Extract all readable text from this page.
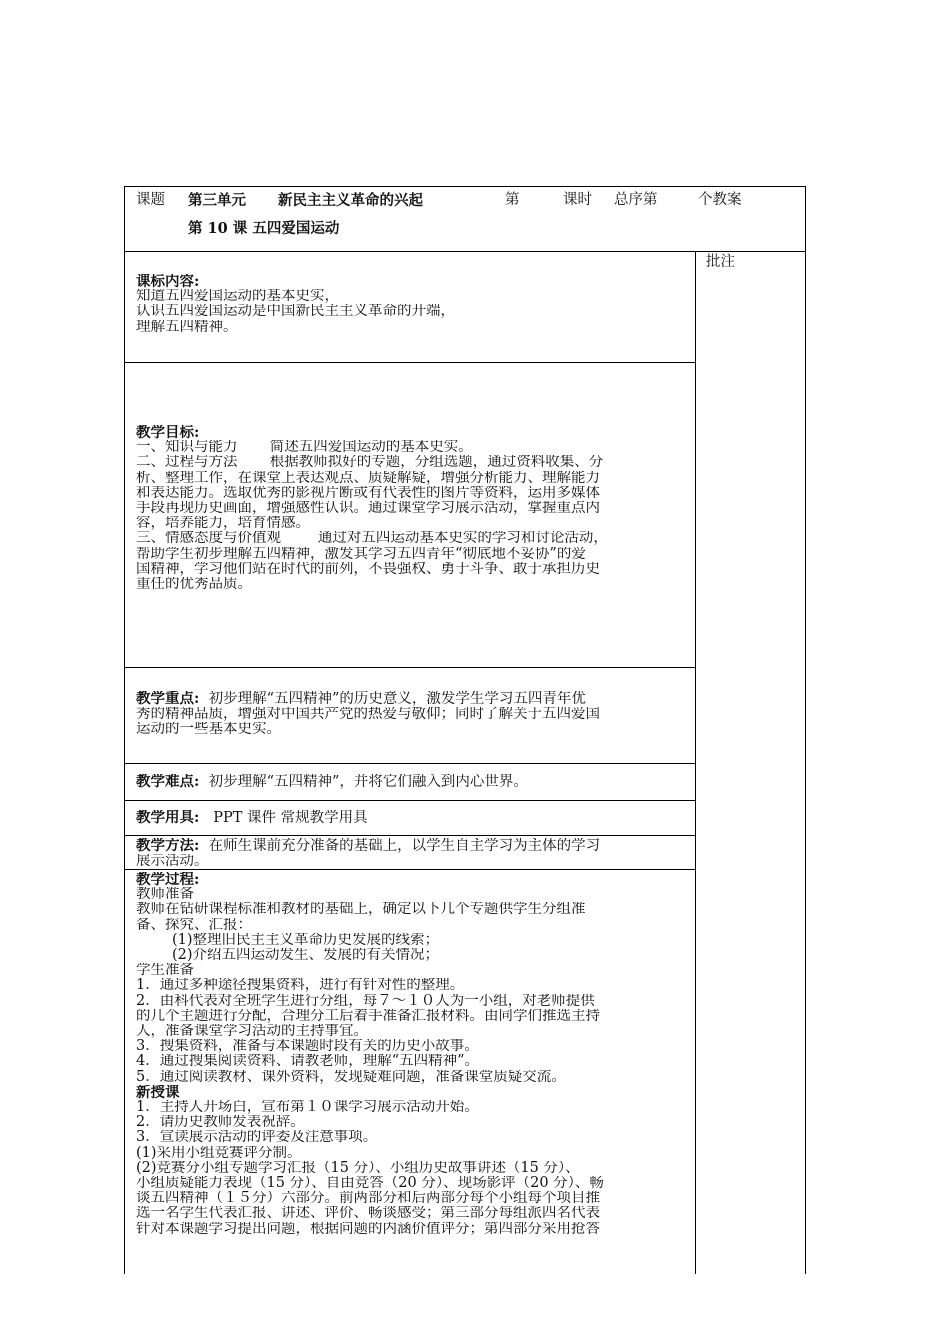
课题 第三单元 新民主主义革命的兴起	第	课时 总序第	个教案
第 10 课 五四爱国运动
批注
课标内容:
知道五四爱国运动的基本史实，
认识五四爱国运动是中国新民主主义革命的开端，
理解五四精神。
教学目标:
一、知识与能力       简述五四爱国运动的基本史实。
二、过程与方法       根据教师拟好的专题，分组选题，通过资料收集、分
析、整理工作，在课堂上表达观点、质疑解疑，增强分析能力、理解能力
和表达能力。选取优秀的影视片断或有代表性的图片等资料，运用多媒体
手段再现历史画面，增强感性认识。通过课堂学习展示活动，掌握重点内
容，培养能力，培育情感。
三、情感态度与价值观        通过对五四运动基本史实的学习和讨论活动，
帮助学生初步理解五四精神，激发其学习五四青年“彻底地不妥协”的爱
国精神，学习他们站在时代的前列，不畏强权、勇于斗争、敢于承担历史
重任的优秀品质。
教学重点: 初步理解“五四精神”的历史意义，激发学生学习五四青年优
秀的精神品质，增强对中国共产党的热爱与敬仰；同时了解关于五四爱国
运动的一些基本史实。
教学难点: 初步理解“五四精神”，并将它们融入到内心世界。
教学用具: PPT 课件 常规教学用具
教学方法: 在师生课前充分准备的基础上，以学生自主学习为主体的学习
展示活动。
教学过程:
教师准备
教师在钻研课程标准和教材的基础上，确定以下几个专题供学生分组准
备、探究、汇报：
(1)整理旧民主主义革命历史发展的线索；
(2)介绍五四运动发生、发展的有关情况；
学生准备
1．通过多种途径搜集资料，进行有针对性的整理。
2．由科代表对全班学生进行分组，每７～１０人为一小组，对老师提供
的几个主题进行分配，合理分工后着手准备汇报材料。由同学们推选主持
人，准备课堂学习活动的主持事宜。
3．搜集资料，准备与本课题时段有关的历史小故事。
4．通过搜集阅读资料、请教老师，理解“五四精神”。
5．通过阅读教材、课外资料，发现疑难问题，准备课堂质疑交流。
新授课
1．主持人开场白，宣布第１０课学习展示活动开始。
2．请历史教师发表祝辞。
3．宣读展示活动的评委及注意事项。
(1)采用小组竞赛评分制。
(2)竞赛分小组专题学习汇报（15 分）、小组历史故事讲述（15 分）、
小组质疑能力表现（15 分）、自由竞答（20 分）、现场影评（20 分）、畅
谈五四精神（１５分）六部分。前两部分和后两部分每个小组每个项目推
选一名学生代表汇报、讲述、评价、畅谈感受；第三部分每组派四名代表
针对本课题学习提出问题，根据问题的内涵价值评分；第四部分采用抢答
